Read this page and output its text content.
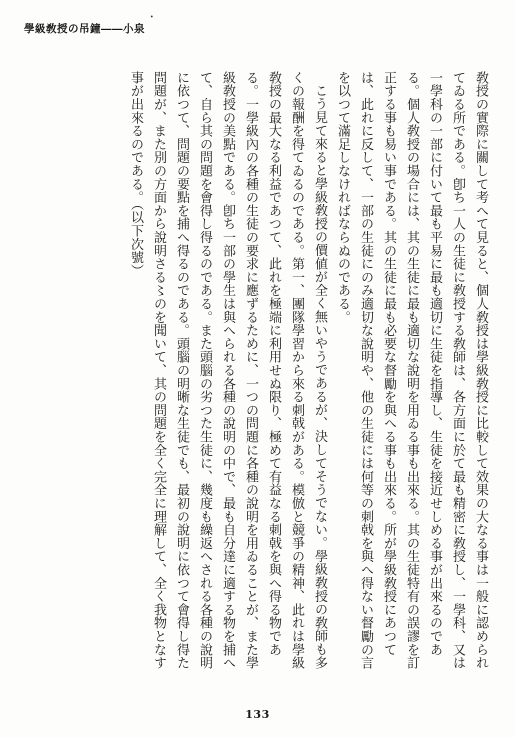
學級敎授の吊鐘――小泉
•

敎授の實際に關して考へて見ると、個人敎授は學級敎授に比較して效果の大なる事は一般に認められてゐる所である。卽ち一人の生徒に敎授する敎師は、各方面に於て最も精密に敎授し、一學科、又は一學科の一部に付いて最も平易に最も適切に生徒を指導し、生徒を接近せしめる事が出來るのである。個人敎授の場合には、其の生徒に最も適切な說明を用ゐる事も出來る。其の生徒特有の誤謬を訂正する事も易い事である。其の生徒に最も必要な督勵を與へる事も出來る。所が學級敎授にあつては、此れに反して、一部の生徒にのみ適切な說明や、他の生徒には何等の刺戟を與へ得ない督勵の言を以つて滿足しなければならぬのである。

こう見て來ると學級敎授の價値が全く無いやうであるが、決してそうでない。學級敎授の敎師も多くの報酬を得てゐるのである。第一、團隊學習から來る刺戟がある。模倣と競爭の精神、此れは學級敎授の最大なる利益であつて、此れを極端に利用せぬ限り、極めて有益なる刺戟を與へ得る物である。一學級內の各種の生徒の要求に應ずるために、一つの問題に各種の說明を用ゐることが、また學級敎授の美點である。卽ち一部の學生は與へられる各種の說明の中で、最も自分達に適する物を捕へて、自ら其の問題を會得し得るのである。また頭腦の劣つた生徒に、幾度も繰返へされる各種の說明に依つて、問題の要點を捕へ得るのである。頭腦の明晰な生徒でも、最初の說明に依つて會得し得た問題が、また別の方面から說明さる〻のを聞いて、其の問題を全く完全に理解して、全く我物となす事が出來るのである。（以下次號）

133
